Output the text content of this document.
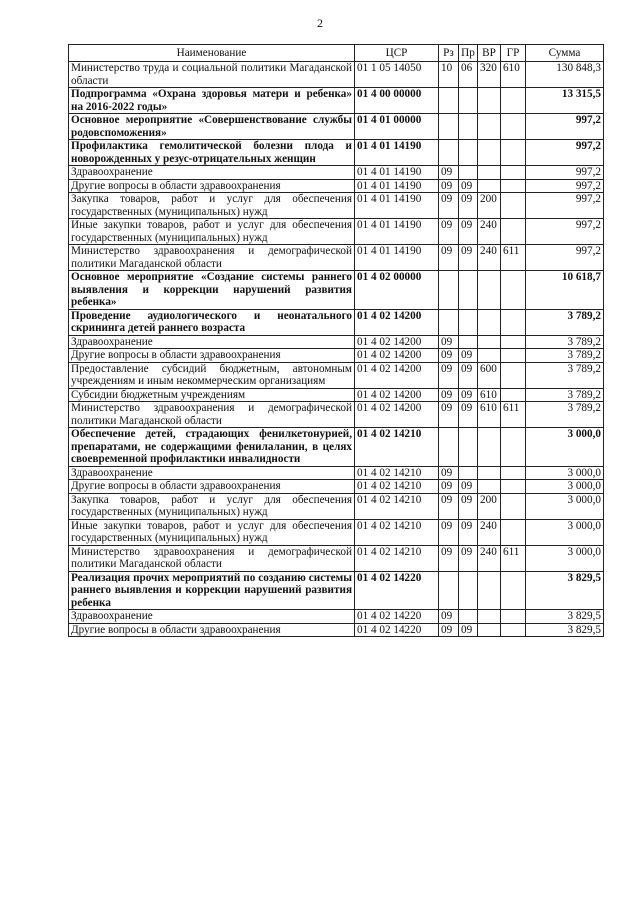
2
Наименование	ЦСР	Рз	Пр	ВР	ГР	Сумма
Министерство труда и социальной политики Магаданской области	01 1 05 14050	10	06	320	610	130 848,3
Подпрограмма «Охрана здоровья матери и ребенка» на 2016-2022 годы»	01 4 00 00000					13 315,5
Основное мероприятие «Совершенствование службы родовспоможения»	01 4 01 00000					997,2
Профилактика гемолитической болезни плода и новорожденных у резус-отрицательных женщин	01 4 01 14190					997,2
Здравоохранение	01 4 01 14190	09				997,2
Другие вопросы в области здравоохранения	01 4 01 14190	09	09			997,2
Закупка товаров, работ и услуг для обеспечения государственных (муниципальных) нужд	01 4 01 14190	09	09	200		997,2
Иные закупки товаров, работ и услуг для обеспечения государственных (муниципальных) нужд	01 4 01 14190	09	09	240		997,2
Министерство здравоохранения и демографической политики Магаданской области	01 4 01 14190	09	09	240	611	997,2
Основное мероприятие «Создание системы раннего выявления и коррекции нарушений развития ребенка»	01 4 02 00000					10 618,7
Проведение аудиологического и неонатального скрининга детей раннего возраста	01 4 02 14200					3 789,2
Здравоохранение	01 4 02 14200	09				3 789,2
Другие вопросы в области здравоохранения	01 4 02 14200	09	09			3 789,2
Предоставление субсидий бюджетным, автономным учреждениям и иным некоммерческим организациям	01 4 02 14200	09	09	600		3 789,2
Субсидии бюджетным учреждениям	01 4 02 14200	09	09	610		3 789,2
Министерство здравоохранения и демографической политики Магаданской области	01 4 02 14200	09	09	610	611	3 789,2
Обеспечение детей, страдающих фенилкетонурией, препаратами, не содержащими фенилаланин, в целях своевременной профилактики инвалидности	01 4 02 14210					3 000,0
Здравоохранение	01 4 02 14210	09				3 000,0
Другие вопросы в области здравоохранения	01 4 02 14210	09	09			3 000,0
Закупка товаров, работ и услуг для обеспечения государственных (муниципальных) нужд	01 4 02 14210	09	09	200		3 000,0
Иные закупки товаров, работ и услуг для обеспечения государственных (муниципальных) нужд	01 4 02 14210	09	09	240		3 000,0
Министерство здравоохранения и демографической политики Магаданской области	01 4 02 14210	09	09	240	611	3 000,0
Реализация прочих мероприятий по созданию системы раннего выявления и коррекции нарушений развития ребенка	01 4 02 14220					3 829,5
Здравоохранение	01 4 02 14220	09				3 829,5
Другие вопросы в области здравоохранения	01 4 02 14220	09	09			3 829,5
